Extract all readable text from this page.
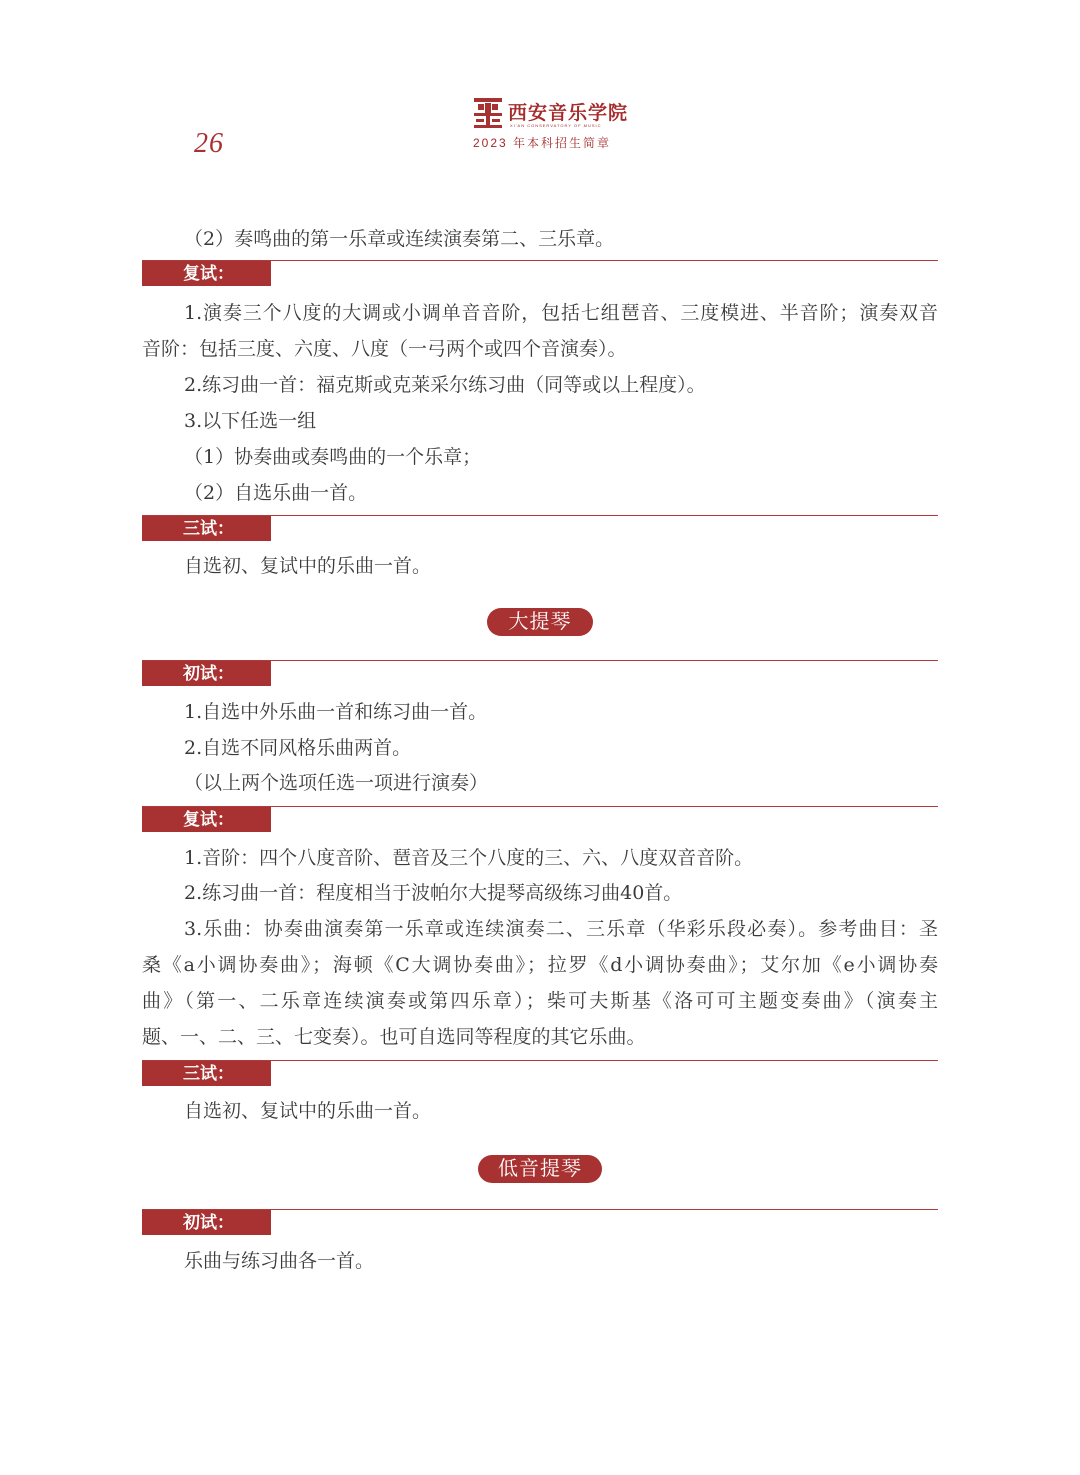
26
西安音乐学院
XI'AN CONSERVATORY OF MUSIC
2023 年本科招生简章
（2）奏鸣曲的第一乐章或连续演奏第二、三乐章。
复试：
1.演奏三个八度的大调或小调单音音阶，包括七组琶音、三度模进、半音阶；演奏双音
音阶：包括三度、六度、八度（一弓两个或四个音演奏）。
2.练习曲一首：福克斯或克莱采尔练习曲（同等或以上程度）。
3.以下任选一组
（1）协奏曲或奏鸣曲的一个乐章；
（2）自选乐曲一首。
三试：
自选初、复试中的乐曲一首。
大提琴
初试：
1.自选中外乐曲一首和练习曲一首。
2.自选不同风格乐曲两首。
（以上两个选项任选一项进行演奏）
复试：
1.音阶：四个八度音阶、琶音及三个八度的三、六、八度双音音阶。
2.练习曲一首：程度相当于波帕尔大提琴高级练习曲40首。
3.乐曲：协奏曲演奏第一乐章或连续演奏二、三乐章（华彩乐段必奏）。参考曲目：圣
桑《a小调协奏曲》；海顿《C大调协奏曲》；拉罗《d小调协奏曲》；艾尔加《e小调协奏
曲》（第一、二乐章连续演奏或第四乐章）；柴可夫斯基《洛可可主题变奏曲》（演奏主
题、一、二、三、七变奏）。也可自选同等程度的其它乐曲。
三试：
自选初、复试中的乐曲一首。
低音提琴
初试：
乐曲与练习曲各一首。
